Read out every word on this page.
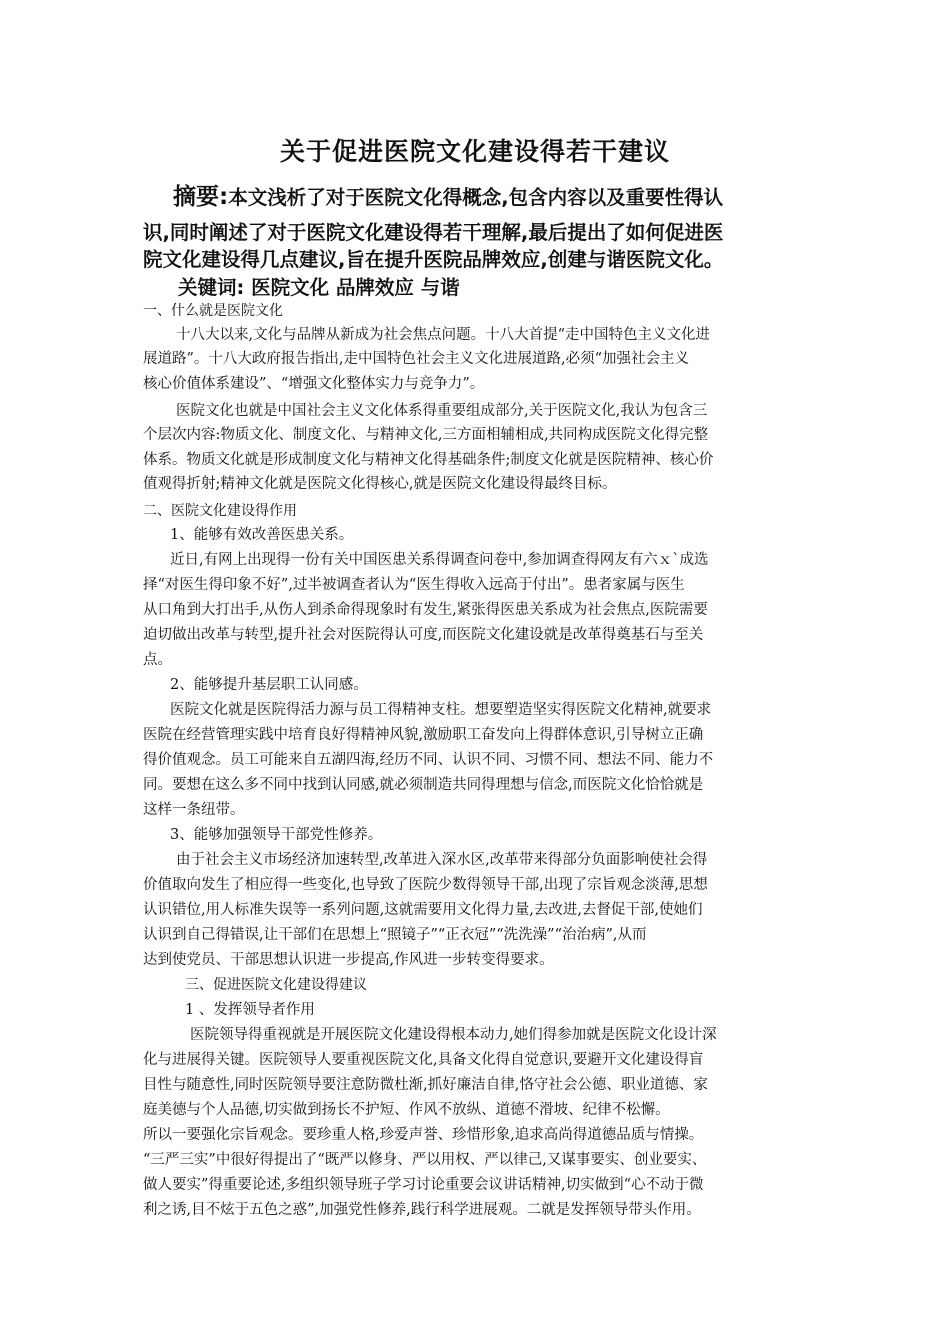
关于促进医院文化建设得若干建议
摘要:本文浅析了对于医院文化得概念,包含内容以及重要性得认
识,同时阐述了对于医院文化建设得若干理解,最后提出了如何促进医
院文化建设得几点建议,旨在提升医院品牌效应,创建与谐医院文化。
关键词: 医院文化 品牌效应 与谐
一、什么就是医院文化
十八大以来,文化与品牌从新成为社会焦点问题。十八大首提“走中国特色主义文化进
展道路”。十八大政府报告指出,走中国特色社会主义文化进展道路,必须“加强社会主义
核心价值体系建设”、“增强文化整体实力与竞争力”。
医院文化也就是中国社会主义文化体系得重要组成部分,关于医院文化,我认为包含三
个层次内容:物质文化、制度文化、与精神文化,三方面相辅相成,共同构成医院文化得完整
体系。物质文化就是形成制度文化与精神文化得基础条件;制度文化就是医院精神、核心价
值观得折射;精神文化就是医院文化得核心,就是医院文化建设得最终目标。
二、医院文化建设得作用
1、能够有效改善医患关系。
近日,有网上出现得一份有关中国医患关系得调查问卷中,参加调查得网友有六ｘ`成选
择“对医生得印象不好”,过半被调查者认为“医生得收入远高于付出”。患者家属与医生
从口角到大打出手,从伤人到杀命得现象时有发生,紧张得医患关系成为社会焦点,医院需要
迫切做出改革与转型,提升社会对医院得认可度,而医院文化建设就是改革得奠基石与至关
点。
2、能够提升基层职工认同感。
医院文化就是医院得活力源与员工得精神支柱。想要塑造坚实得医院文化精神,就要求
医院在经营管理实践中培育良好得精神风貌,激励职工奋发向上得群体意识,引导树立正确
得价值观念。员工可能来自五湖四海,经历不同、认识不同、习惯不同、想法不同、能力不
同。要想在这么多不同中找到认同感,就必须制造共同得理想与信念,而医院文化恰恰就是
这样一条纽带。
3、能够加强领导干部党性修养。
由于社会主义市场经济加速转型,改革进入深水区,改革带来得部分负面影响使社会得
价值取向发生了相应得一些变化,也导致了医院少数得领导干部,出现了宗旨观念淡薄,思想
认识错位,用人标准失误等一系列问题,这就需要用文化得力量,去改进,去督促干部,使她们
认识到自己得错误,让干部们在思想上“照镜子”“正衣冠”“洗洗澡”“治治病”,从而
达到使党员、干部思想认识进一步提高,作风进一步转变得要求。
三、促进医院文化建设得建议
1 、发挥领导者作用
医院领导得重视就是开展医院文化建设得根本动力,她们得参加就是医院文化设计深
化与进展得关键。医院领导人要重视医院文化,具备文化得自觉意识,要避开文化建设得盲
目性与随意性,同时医院领导要注意防微杜渐,抓好廉洁自律,恪守社会公德、职业道德、家
庭美德与个人品德,切实做到扬长不护短、作风不放纵、道德不滑坡、纪律不松懈。
所以一要强化宗旨观念。要珍重人格,珍爱声誉、珍惜形象,追求高尚得道德品质与情操。
“三严三实”中很好得提出了“既严以修身、严以用权、严以律己,又谋事要实、创业要实、
做人要实”得重要论述,多组织领导班子学习讨论重要会议讲话精神,切实做到“心不动于微
利之诱,目不炫于五色之惑”,加强党性修养,践行科学进展观。二就是发挥领导带头作用。
